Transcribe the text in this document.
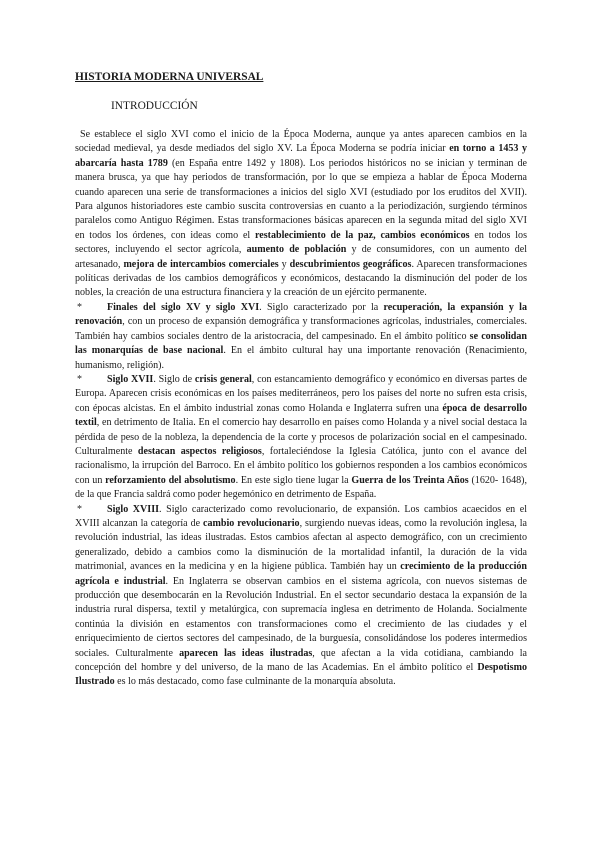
HISTORIA MODERNA UNIVERSAL
INTRODUCCIÓN

Se establece el siglo XVI como el inicio de la Época Moderna, aunque ya antes aparecen cambios en la sociedad medieval, ya desde mediados del siglo XV. La Época Moderna se podría iniciar en torno a 1453 y abarcaría hasta 1789 (en España entre 1492 y 1808). Los periodos históricos no se inician y terminan de manera brusca, ya que hay periodos de transformación, por lo que se empieza a hablar de Época Moderna cuando aparecen una serie de transformaciones a inicios del siglo XVI (estudiado por los eruditos del XVII). Para algunos historiadores este cambio suscita controversias en cuanto a la periodización, surgiendo términos paralelos como Antiguo Régimen. Estas transformaciones básicas aparecen en la segunda mitad del siglo XVI en todos los órdenes, con ideas como el restablecimiento de la paz, cambios económicos en todos los sectores, incluyendo el sector agrícola, aumento de población y de consumidores, con un aumento del artesanado, mejora de intercambios comerciales y descubrimientos geográficos. Aparecen transformaciones políticas derivadas de los cambios demográficos y económicos, destacando la disminución del poder de los nobles, la creación de una estructura financiera y la creación de un ejército permanente.

* Finales del siglo XV y siglo XVI. Siglo caracterizado por la recuperación, la expansión y la renovación, con un proceso de expansión demográfica y transformaciones agrícolas, industriales, comerciales. También hay cambios sociales dentro de la aristocracia, del campesinado. En el ámbito político se consolidan las monarquías de base nacional. En el ámbito cultural hay una importante renovación (Renacimiento, humanismo, religión).

* Siglo XVII. Siglo de crisis general, con estancamiento demográfico y económico en diversas partes de Europa. Aparecen crisis económicas en los países mediterráneos, pero los países del norte no sufren esta crisis, con épocas alcistas. En el ámbito industrial zonas como Holanda e Inglaterra sufren una época de desarrollo textil, en detrimento de Italia. En el comercio hay desarrollo en países como Holanda y a nivel social destaca la pérdida de peso de la nobleza, la dependencia de la corte y procesos de polarización social en el campesinado. Culturalmente destacan aspectos religiosos, fortaleciéndose la Iglesia Católica, junto con el avance del racionalismo, la irrupción del Barroco. En el ámbito político los gobiernos responden a los cambios económicos con un reforzamiento del absolutismo. En este siglo tiene lugar la Guerra de los Treinta Años (1620- 1648), de la que Francia saldrá como poder hegemónico en detrimento de España.

* Siglo XVIII. Siglo caracterizado como revolucionario, de expansión. Los cambios acaecidos en el XVIII alcanzan la categoría de cambio revolucionario, surgiendo nuevas ideas, como la revolución inglesa, la revolución industrial, las ideas ilustradas. Estos cambios afectan al aspecto demográfico, con un crecimiento generalizado, debido a cambios como la disminución de la mortalidad infantil, la duración de la vida matrimonial, avances en la medicina y en la higiene pública. También hay un crecimiento de la producción agrícola e industrial. En Inglaterra se observan cambios en el sistema agrícola, con nuevos sistemas de producción que desembocarán en la Revolución Industrial. En el sector secundario destaca la expansión de la industria rural dispersa, textil y metalúrgica, con supremacía inglesa en detrimento de Holanda. Socialmente continúa la división en estamentos con transformaciones como el crecimiento de las ciudades y el enriquecimiento de ciertos sectores del campesinado, de la burguesía, consolidándose los poderes intermedios sociales. Culturalmente aparecen las ideas ilustradas, que afectan a la vida cotidiana, cambiando la concepción del hombre y del universo, de la mano de las Academias. En el ámbito político el Despotismo Ilustrado es lo más destacado, como fase culminante de la monarquía absoluta.
